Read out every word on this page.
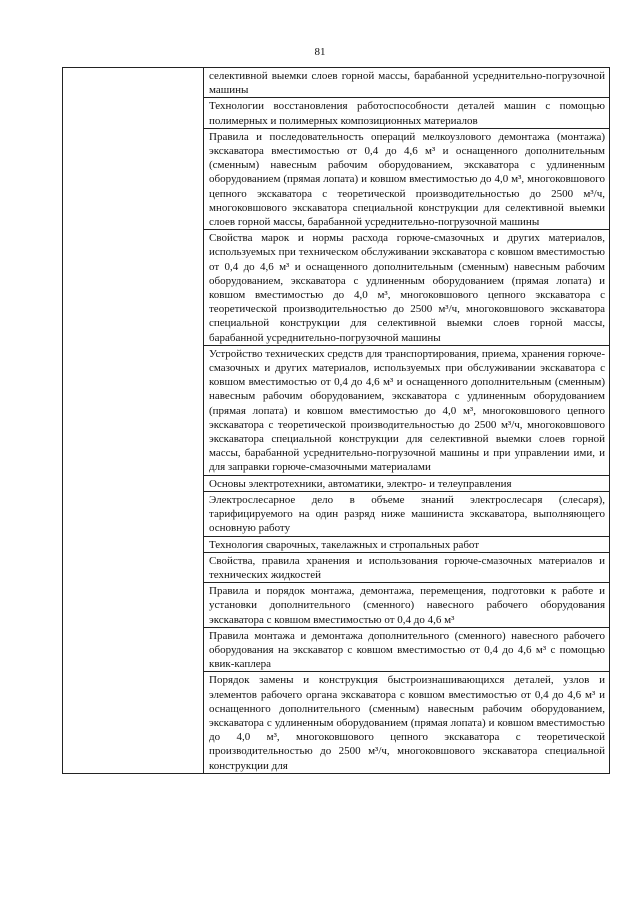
81

селективной выемки слоев горной массы, барабанной усреднительно-погрузочной машины

Технологии восстановления работоспособности деталей машин с помощью полимерных и полимерных композиционных материалов

Правила и последовательность операций мелкоузлового демонтажа (монтажа) экскаватора вместимостью от 0,4 до 4,6 м³ и оснащенного дополнительным (сменным) навесным рабочим оборудованием, экскаватора с удлиненным оборудованием (прямая лопата) и ковшом вместимостью до 4,0 м³, многоковшового цепного экскаватора с теоретической производительностью до 2500 м³/ч, многоковшового экскаватора специальной конструкции для селективной выемки слоев горной массы, барабанной усреднительно-погрузочной машины

Свойства марок и нормы расхода горюче-смазочных и других материалов, используемых при техническом обслуживании экскаватора с ковшом вместимостью от 0,4 до 4,6 м³ и оснащенного дополнительным (сменным) навесным рабочим оборудованием, экскаватора с удлиненным оборудованием (прямая лопата) и ковшом вместимостью до 4,0 м³, многоковшового цепного экскаватора с теоретической производительностью до 2500 м³/ч, многоковшового экскаватора специальной конструкции для селективной выемки слоев горной массы, барабанной усреднительно-погрузочной машины

Устройство технических средств для транспортирования, приема, хранения горюче-смазочных и других материалов, используемых при обслуживании экскаватора с ковшом вместимостью от 0,4 до 4,6 м³ и оснащенного дополнительным (сменным) навесным рабочим оборудованием, экскаватора с удлиненным оборудованием (прямая лопата) и ковшом вместимостью до 4,0 м³, многоковшового цепного экскаватора с теоретической производительностью до 2500 м³/ч, многоковшового экскаватора специальной конструкции для селективной выемки слоев горной массы, барабанной усреднительно-погрузочной машины и при управлении ими, и для заправки горюче-смазочными материалами

Основы электротехники, автоматики, электро- и телеуправления

Электрослесарное дело в объеме знаний электрослесаря (слесаря), тарифицируемого на один разряд ниже машиниста экскаватора, выполняющего основную работу

Технология сварочных, такелажных и стропальных работ

Свойства, правила хранения и использования горюче-смазочных материалов и технических жидкостей

Правила и порядок монтажа, демонтажа, перемещения, подготовки к работе и установки дополнительного (сменного) навесного рабочего оборудования экскаватора с ковшом вместимостью от 0,4 до 4,6 м³

Правила монтажа и демонтажа дополнительного (сменного) навесного рабочего оборудования на экскаватор с ковшом вместимостью от 0,4 до 4,6 м³ с помощью квик-каплера

Порядок замены и конструкция быстроизнашивающихся деталей, узлов и элементов рабочего органа экскаватора с ковшом вместимостью от 0,4 до 4,6 м³ и оснащенного дополнительного (сменным) навесным рабочим оборудованием, экскаватора с удлиненным оборудованием (прямая лопата) и ковшом вместимостью до 4,0 м³, многоковшового цепного экскаватора с теоретической производительностью до 2500 м³/ч, многоковшового экскаватора специальной конструкции для
